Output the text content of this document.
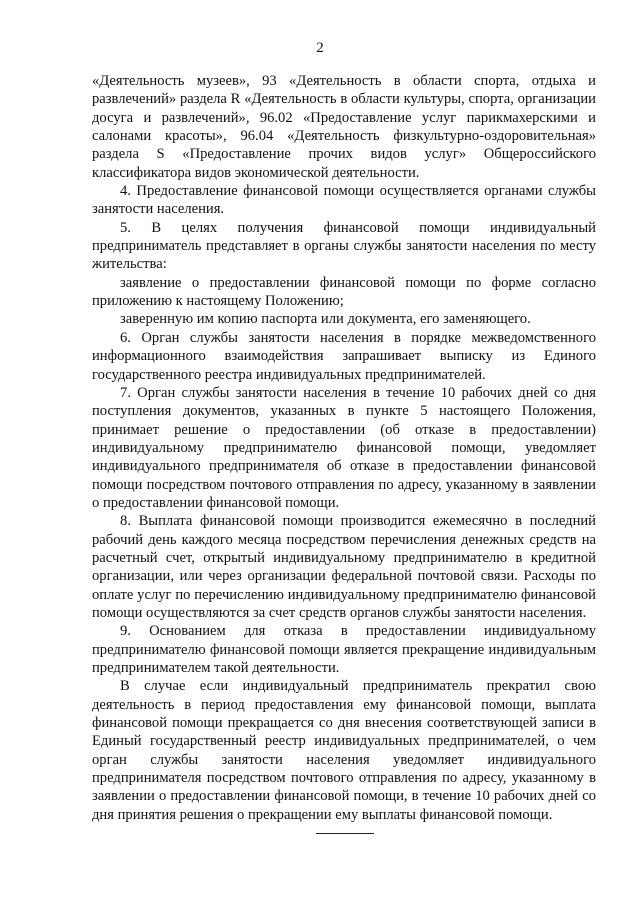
2

«Деятельность музеев», 93 «Деятельность в области спорта, отдыха и развлечений» раздела R «Деятельность в области культуры, спорта, организации досуга и развлечений», 96.02 «Предоставление услуг парикмахерскими и салонами красоты», 96.04 «Деятельность физкультурно-оздоровительная» раздела S «Предоставление прочих видов услуг» Общероссийского классификатора видов экономической деятельности.

4. Предоставление финансовой помощи осуществляется органами службы занятости населения.

5. В целях получения финансовой помощи индивидуальный предприниматель представляет в органы службы занятости населения по месту жительства:

заявление о предоставлении финансовой помощи по форме согласно приложению к настоящему Положению;

заверенную им копию паспорта или документа, его заменяющего.

6. Орган службы занятости населения в порядке межведомственного информационного взаимодействия запрашивает выписку из Единого государственного реестра индивидуальных предпринимателей.

7. Орган службы занятости населения в течение 10 рабочих дней со дня поступления документов, указанных в пункте 5 настоящего Положения, принимает решение о предоставлении (об отказе в предоставлении) индивидуальному предпринимателю финансовой помощи, уведомляет индивидуального предпринимателя об отказе в предоставлении финансовой помощи посредством почтового отправления по адресу, указанному в заявлении о предоставлении финансовой помощи.

8. Выплата финансовой помощи производится ежемесячно в последний рабочий день каждого месяца посредством перечисления денежных средств на расчетный счет, открытый индивидуальному предпринимателю в кредитной организации, или через организации федеральной почтовой связи. Расходы по оплате услуг по перечислению индивидуальному предпринимателю финансовой помощи осуществляются за счет средств органов службы занятости населения.

9. Основанием для отказа в предоставлении индивидуальному предпринимателю финансовой помощи является прекращение индивидуальным предпринимателем такой деятельности.

В случае если индивидуальный предприниматель прекратил свою деятельность в период предоставления ему финансовой помощи, выплата финансовой помощи прекращается со дня внесения соответствующей записи в Единый государственный реестр индивидуальных предпринимателей, о чем орган службы занятости населения уведомляет индивидуального предпринимателя посредством почтового отправления по адресу, указанному в заявлении о предоставлении финансовой помощи, в течение 10 рабочих дней со дня принятия решения о прекращении ему выплаты финансовой помощи.
